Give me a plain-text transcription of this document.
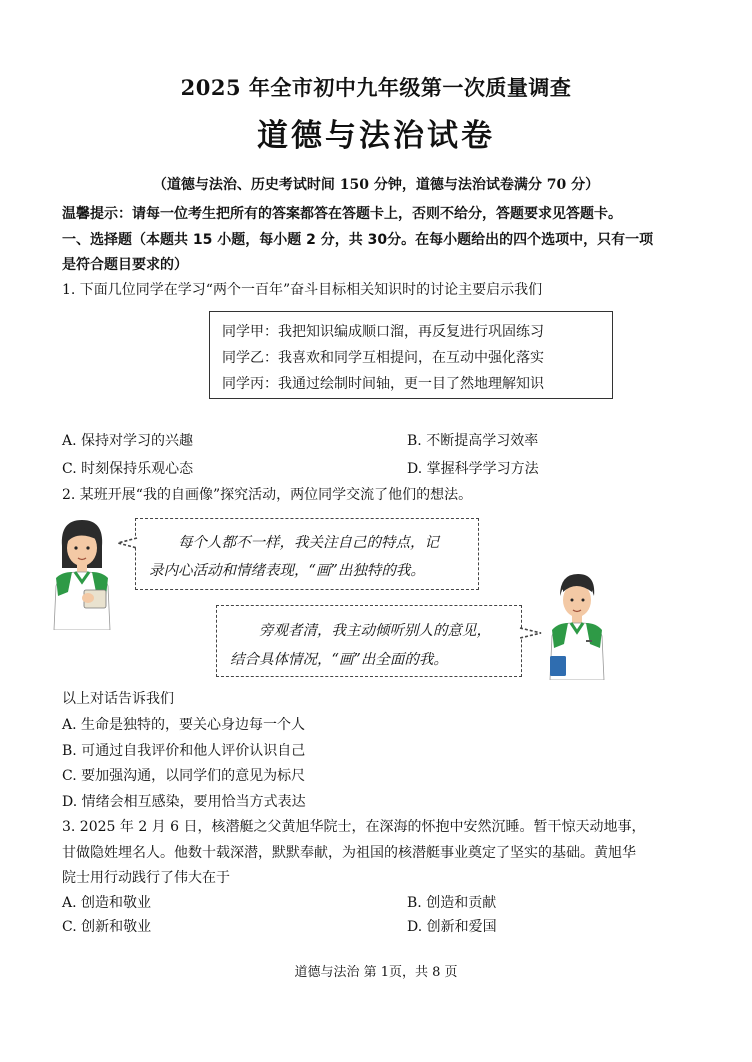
2025 年全市初中九年级第一次质量调查
道德与法治试卷
（道德与法治、历史考试时间 150 分钟，道德与法治试卷满分 70 分）
温馨提示：请每一位考生把所有的答案都答在答题卡上，否则不给分，答题要求见答题卡。
一、选择题（本题共 15 小题，每小题 2 分，共 30分。在每小题给出的四个选项中，只有一项
是符合题目要求的）
1. 下面几位同学在学习“两个一百年”奋斗目标相关知识时的讨论主要启示我们
同学甲：我把知识编成顺口溜，再反复进行巩固练习
同学乙：我喜欢和同学互相提问，在互动中强化落实
同学丙：我通过绘制时间轴，更一目了然地理解知识
A. 保持对学习的兴趣	B. 不断提高学习效率
C. 时刻保持乐观心态	D. 掌握科学学习方法
2. 某班开展“我的自画像”探究活动，两位同学交流了他们的想法。
每个人都不一样，我关注自己的特点，记
录内心活动和情绪表现，“画”出独特的我。
旁观者清，我主动倾听别人的意见，
结合具体情况，“画”出全面的我。
以上对话告诉我们
A. 生命是独特的，要关心身边每一个人
B. 可通过自我评价和他人评价认识自己
C. 要加强沟通，以同学们的意见为标尺
D. 情绪会相互感染，要用恰当方式表达
3. 2025 年 2 月 6 日，核潜艇之父黄旭华院士，在深海的怀抱中安然沉睡。暂干惊天动地事，
甘做隐姓埋名人。他数十载深潜，默默奉献，为祖国的核潜艇事业奠定了坚实的基础。黄旭华
院士用行动践行了伟大在于
A. 创造和敬业	B. 创造和贡献
C. 创新和敬业	D. 创新和爱国
道德与法治 第 1页，共 8 页
